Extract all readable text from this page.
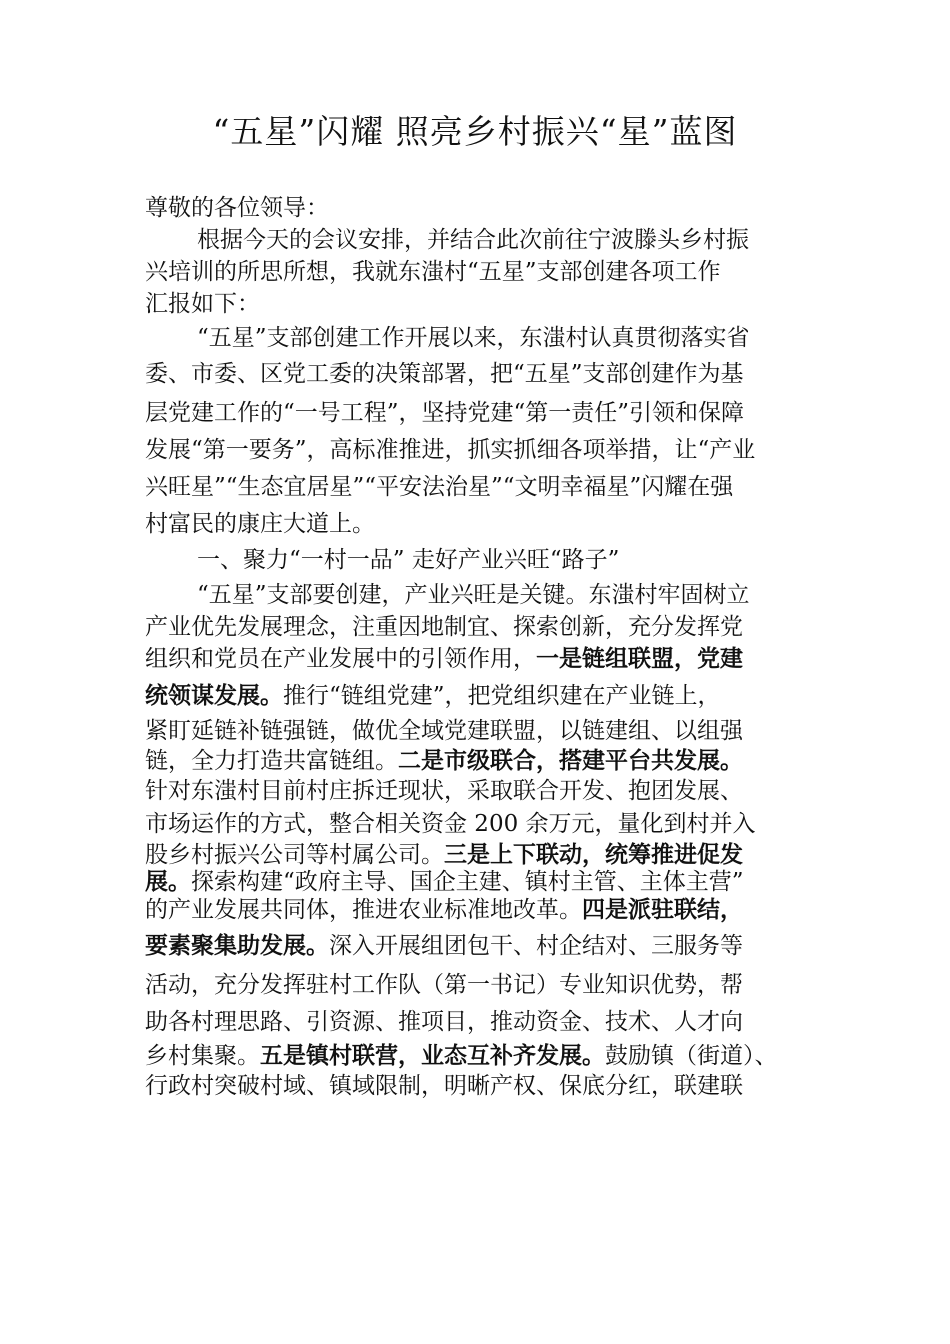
“五星”闪耀 照亮乡村振兴“星”蓝图
尊敬的各位领导：
根据今天的会议安排，并结合此次前往宁波滕头乡村振
兴培训的所思所想，我就东滍村“五星”支部创建各项工作
汇报如下：
“五星”支部创建工作开展以来，东滍村认真贯彻落实省
委、市委、区党工委的决策部署，把“五星”支部创建作为基
层党建工作的“一号工程”，坚持党建“第一责任”引领和保障
发展“第一要务”，高标准推进，抓实抓细各项举措，让“产业
兴旺星”“生态宜居星”“平安法治星”“文明幸福星”闪耀在强
村富民的康庄大道上。
一、聚力“一村一品” 走好产业兴旺“路子”
“五星”支部要创建，产业兴旺是关键。东滍村牢固树立
产业优先发展理念，注重因地制宜、探索创新，充分发挥党
组织和党员在产业发展中的引领作用，一是链组联盟，党建
统领谋发展。推行“链组党建”，把党组织建在产业链上，
紧盯延链补链强链，做优全域党建联盟，以链建组、以组强
链，全力打造共富链组。二是市级联合，搭建平台共发展。
针对东滍村目前村庄拆迁现状，采取联合开发、抱团发展、
市场运作的方式，整合相关资金 200 余万元，量化到村并入
股乡村振兴公司等村属公司。三是上下联动，统筹推进促发
展。探索构建“政府主导、国企主建、镇村主管、主体主营”
的产业发展共同体，推进农业标准地改革。四是派驻联结，
要素聚集助发展。深入开展组团包干、村企结对、三服务等
活动，充分发挥驻村工作队（第一书记）专业知识优势，帮
助各村理思路、引资源、推项目，推动资金、技术、人才向
乡村集聚。五是镇村联营，业态互补齐发展。鼓励镇（街道）、
行政村突破村域、镇域限制，明晰产权、保底分红，联建联
